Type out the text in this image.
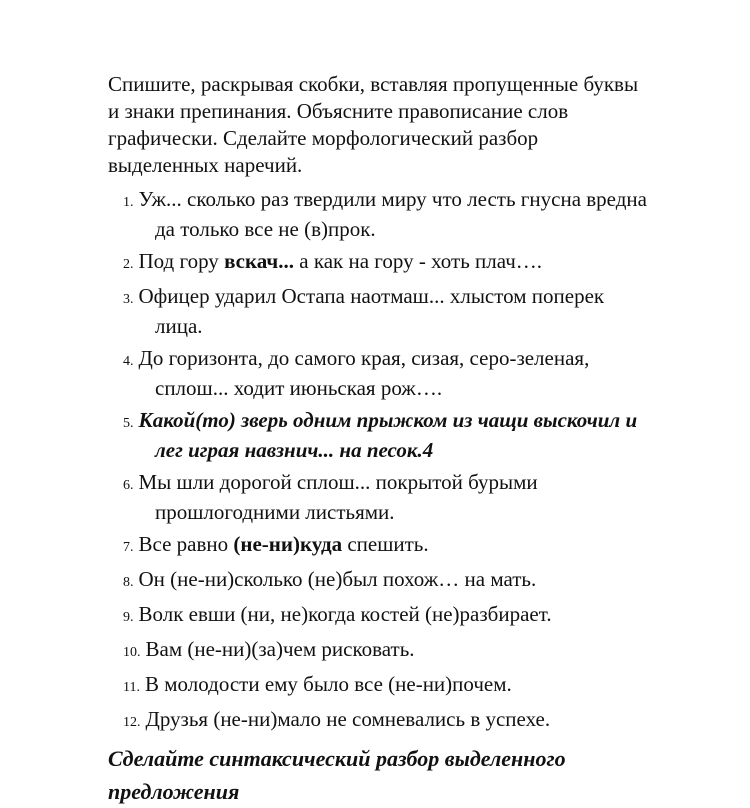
Спишите, раскрывая скобки, вставляя пропущенные буквы
и знаки препинания. Объясните правописание слов
графически. Сделайте морфологический разбор
выделенных наречий.
1. Уж... сколько раз твердили миру что лесть гнусна вредна
да только все не (в)прок.
2. Под гору вскач... а как на гору - хоть плач….
3. Офицер ударил Остапа наотмаш... хлыстом поперек
лица.
4. До горизонта, до самого края, сизая, серо-зеленая,
сплош... ходит июньская рож….
5. Какой(то) зверь одним прыжком из чащи выскочил и
лег играя навзнич... на песок.4
6. Мы шли дорогой сплош... покрытой бурыми
прошлогодними листьями.
7. Все равно (не-ни)куда спешить.
8. Он (не-ни)сколько (не)был похож… на мать.
9. Волк евши (ни, не)когда костей (не)разбирает.
10. Вам (не-ни)(за)чем рисковать.
11. В молодости ему было все (не-ни)почем.
12. Друзья (не-ни)мало не сомневались в успехе.
Сделайте синтаксический разбор выделенного
предложения
